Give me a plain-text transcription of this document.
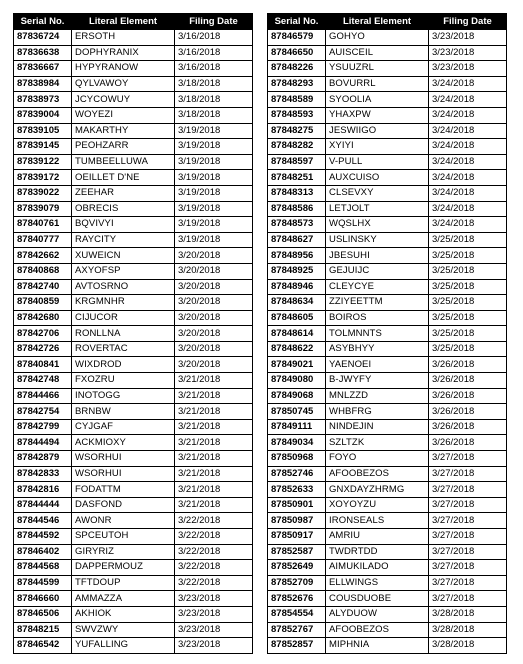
Serial No.	Literal Element	Filing Date
87836724	ERSOTH	3/16/2018
87836638	DOPHYRANIX	3/16/2018
87836667	HYPYRANOW	3/16/2018
87838984	QYLVAWOY	3/18/2018
87838973	JCYCOWUY	3/18/2018
87839004	WOYEZI	3/18/2018
87839105	MAKARTHY	3/19/2018
87839145	PEOHZARR	3/19/2018
87839122	TUMBEELLUWA	3/19/2018
87839172	OEILLET D'NE	3/19/2018
87839022	ZEEHAR	3/19/2018
87839079	OBRECIS	3/19/2018
87840761	BQVIVYI	3/19/2018
87840777	RAYCITY	3/19/2018
87842662	XUWEICN	3/20/2018
87840868	AXYOFSP	3/20/2018
87842740	AVTOSRNO	3/20/2018
87840859	KRGMNHR	3/20/2018
87842680	CIJUCOR	3/20/2018
87842706	RONLLNA	3/20/2018
87842726	ROVERTAC	3/20/2018
87840841	WIXDROD	3/20/2018
87842748	FXOZRU	3/21/2018
87844466	INOTOGG	3/21/2018
87842754	BRNBW	3/21/2018
87842799	CYJGAF	3/21/2018
87844494	ACKMIOXY	3/21/2018
87842879	WSORHUI	3/21/2018
87842833	WSORHUI	3/21/2018
87842816	FODATTM	3/21/2018
87844444	DASFOND	3/21/2018
87844546	AWONR	3/22/2018
87844592	SPCEUTOH	3/22/2018
87846402	GIRYRIZ	3/22/2018
87844568	DAPPERMOUZ	3/22/2018
87844599	TFTDOUP	3/22/2018
87846660	AMMAZZA	3/23/2018
87846506	AKHIOK	3/23/2018
87848215	SWVZWY	3/23/2018
87846542	YUFALLING	3/23/2018
Serial No.	Literal Element	Filing Date
87846579	GOHYO	3/23/2018
87846650	AUISCEIL	3/23/2018
87848226	YSUUZRL	3/23/2018
87848293	BOVURRL	3/24/2018
87848589	SYOOLIA	3/24/2018
87848593	YHAXPW	3/24/2018
87848275	JESWIIGO	3/24/2018
87848282	XYIYI	3/24/2018
87848597	V-PULL	3/24/2018
87848251	AUXCUISO	3/24/2018
87848313	CLSEVXY	3/24/2018
87848586	LETJOLT	3/24/2018
87848573	WQSLHX	3/24/2018
87848627	USLINSKY	3/25/2018
87848956	JBESUHI	3/25/2018
87848925	GEJUIJC	3/25/2018
87848946	CLEYCYE	3/25/2018
87848634	ZZIYEETTM	3/25/2018
87848605	BOIROS	3/25/2018
87848614	TOLMNNTS	3/25/2018
87848622	ASYBHYY	3/25/2018
87849021	YAENOEI	3/26/2018
87849080	B-JWYFY	3/26/2018
87849068	MNLZZD	3/26/2018
87850745	WHBFRG	3/26/2018
87849111	NINDEJIN	3/26/2018
87849034	SZLTZK	3/26/2018
87850968	FOYO	3/27/2018
87852746	AFOOBEZOS	3/27/2018
87852633	GNXDAYZHRMG	3/27/2018
87850901	XOYOYZU	3/27/2018
87850987	IRONSEALS	3/27/2018
87850917	AMRIU	3/27/2018
87852587	TWDRTDD	3/27/2018
87852649	AIMUKILADO	3/27/2018
87852709	ELLWINGS	3/27/2018
87852676	COUSDUOBE	3/27/2018
87854554	ALYDUOW	3/28/2018
87852767	AFOOBEZOS	3/28/2018
87852857	MIPHNIA	3/28/2018
